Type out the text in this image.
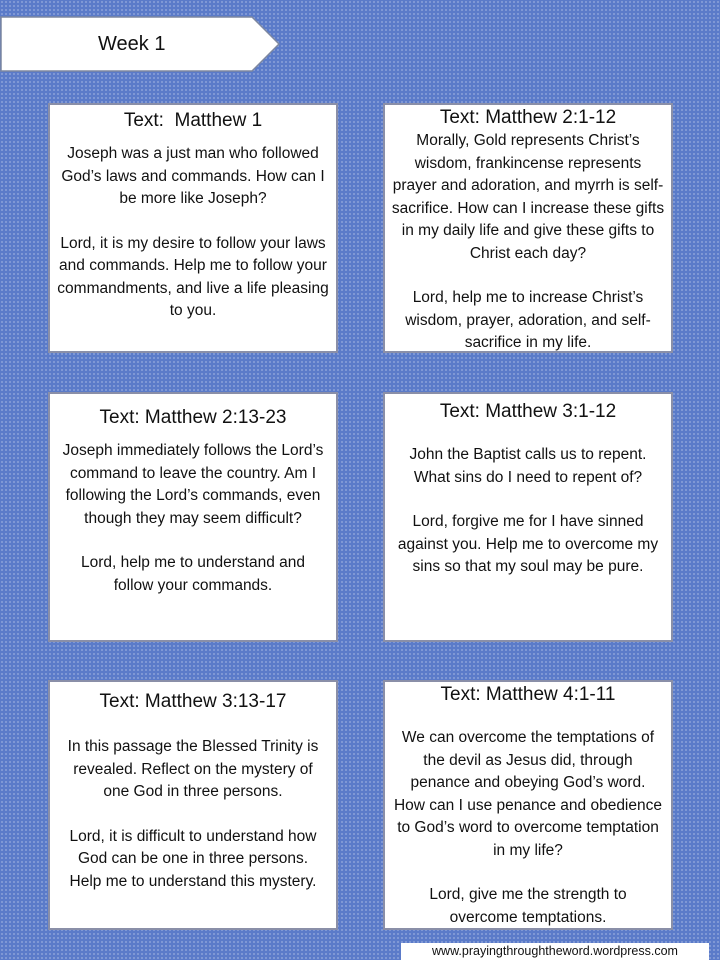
Week 1
Text:  Matthew 1

Joseph was a just man who followed God’s laws and commands. How can I be more like Joseph?

Lord, it is my desire to follow your laws and commands. Help me to follow your commandments, and live a life pleasing to you.

Text: Matthew 2:1-12

Morally, Gold represents Christ’s wisdom, frankincense represents prayer and adoration, and myrrh is self-sacrifice. How can I increase these gifts in my daily life and give these gifts to Christ each day?

Lord, help me to increase Christ’s wisdom, prayer, adoration, and self-sacrifice in my life.

Text: Matthew 2:13-23

Joseph immediately follows the Lord’s command to leave the country. Am I following the Lord’s commands, even though they may seem difficult?

Lord, help me to understand and follow your commands.

Text: Matthew 3:1-12

John the Baptist calls us to repent. What sins do I need to repent of?

Lord, forgive me for I have sinned against you. Help me to overcome my sins so that my soul may be pure.

Text: Matthew 3:13-17

In this passage the Blessed Trinity is revealed. Reflect on the mystery of one God in three persons.

Lord, it is difficult to understand how God can be one in three persons. Help me to understand this mystery.

Text: Matthew 4:1-11

We can overcome the temptations of the devil as Jesus did, through penance and obeying God’s word. How can I use penance and obedience to God’s word to overcome temptation in my life?

Lord, give me the strength to overcome temptations.

www.prayingthroughtheword.wordpress.com
